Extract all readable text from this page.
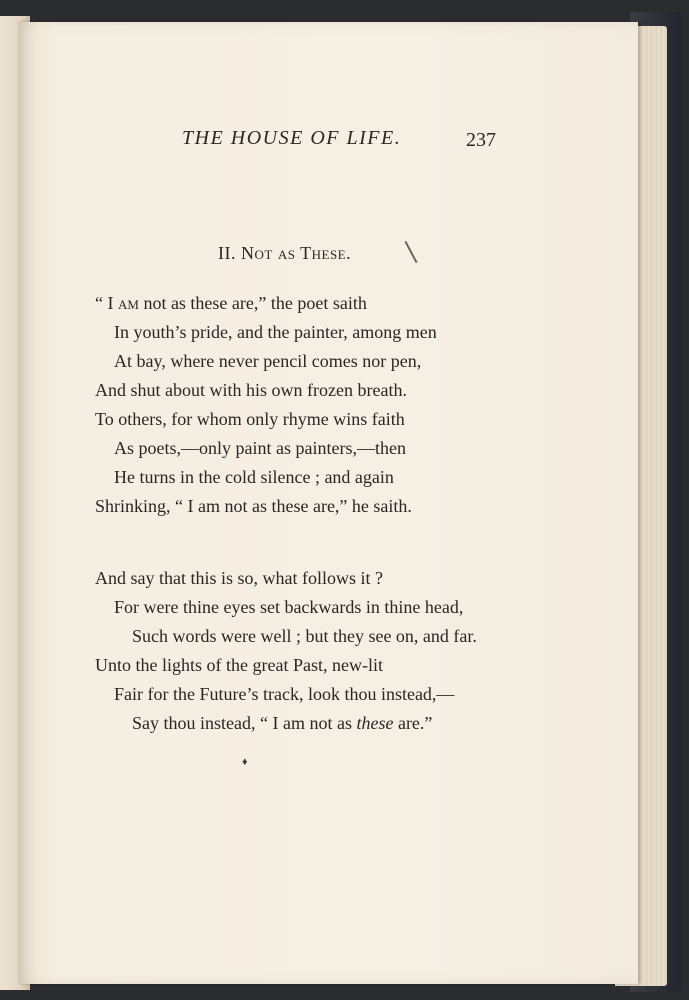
THE HOUSE OF LIFE.	237
II. Not as These.
“ I am not as these are,” the poet saith
In youth’s pride, and the painter, among men
At bay, where never pencil comes nor pen,
And shut about with his own frozen breath.
To others, for whom only rhyme wins faith
As poets,—only paint as painters,—then
He turns in the cold silence ; and again
Shrinking, “ I am not as these are,” he saith.
And say that this is so, what follows it ?
For were thine eyes set backwards in thine head,
Such words were well ; but they see on, and far.
Unto the lights of the great Past, new-lit
Fair for the Future’s track, look thou instead,—
Say thou instead, “ I am not as these are.”
♦
